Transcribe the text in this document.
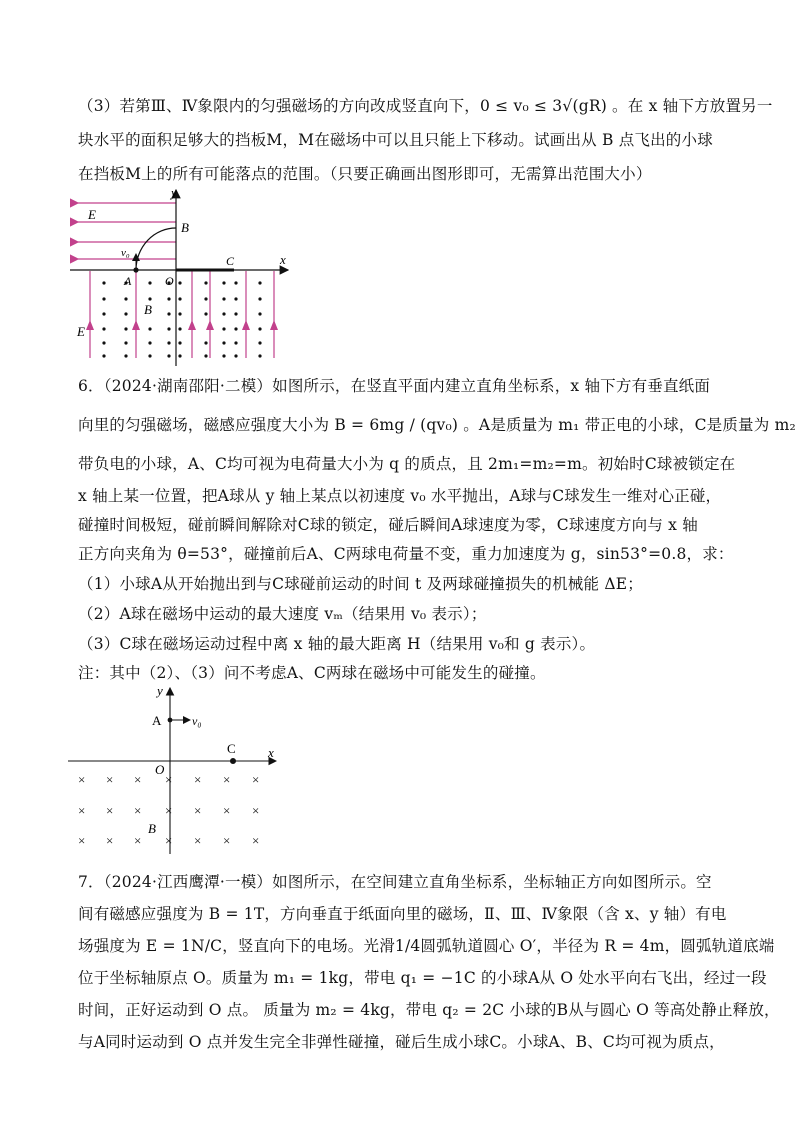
（3）若第Ⅲ、Ⅳ象限内的匀强磁场的方向改成竖直向下，0 ≤ v₀ ≤ 3√(gR) 。在 x 轴下方放置另一
块水平的面积足够大的挡板M，M在磁场中可以且只能上下移动。试画出从 B 点飞出的小球
在挡板M上的所有可能落点的范围。（只要正确画出图形即可，无需算出范围大小）
y
x
E
E
B
v₀
A	O
C
B
6．（2024·湖南邵阳·二模）如图所示，在竖直平面内建立直角坐标系，x 轴下方有垂直纸面
向里的匀强磁场，磁感应强度大小为 B = 6mg / (qv₀) 。A是质量为 m₁ 带正电的小球，C是质量为 m₂
带负电的小球，A、C均可视为电荷量大小为 q 的质点，且 2m₁=m₂=m。初始时C球被锁定在
x 轴上某一位置，把A球从 y 轴上某点以初速度 v₀ 水平抛出，A球与C球发生一维对心正碰，
碰撞时间极短，碰前瞬间解除对C球的锁定，碰后瞬间A球速度为零，C球速度方向与 x 轴
正方向夹角为 θ=53°，碰撞前后A、C两球电荷量不变，重力加速度为 g，sin53°=0.8，求：
（1）小球A从开始抛出到与C球碰前运动的时间 t 及两球碰撞损失的机械能 ΔE；
（2）A球在磁场中运动的最大速度 vₘ（结果用 v₀ 表示）；
（3）C球在磁场运动过程中离 x 轴的最大距离 H（结果用 v₀和 g 表示）。
注：其中（2）、（3）问不考虑A、C两球在磁场中可能发生的碰撞。
y
A	v₀
C
O
x
B
× × × × × × ×
× × × × × × ×
× × × × × × ×
7．（2024·江西鹰潭·一模）如图所示，在空间建立直角坐标系，坐标轴正方向如图所示。空
间有磁感应强度为 B = 1T，方向垂直于纸面向里的磁场，Ⅱ、Ⅲ、Ⅳ象限（含 x、y 轴）有电
场强度为 E = 1N/C，竖直向下的电场。光滑1/4圆弧轨道圆心 O′，半径为 R = 4m，圆弧轨道底端
位于坐标轴原点 O。质量为 m₁ = 1kg，带电 q₁ = −1C 的小球A从 O 处水平向右飞出，经过一段
时间，正好运动到 O 点。 质量为 m₂ = 4kg，带电 q₂ = 2C 小球的B从与圆心 O 等高处静止释放，
与A同时运动到 O 点并发生完全非弹性碰撞，碰后生成小球C。小球A、B、C均可视为质点，
